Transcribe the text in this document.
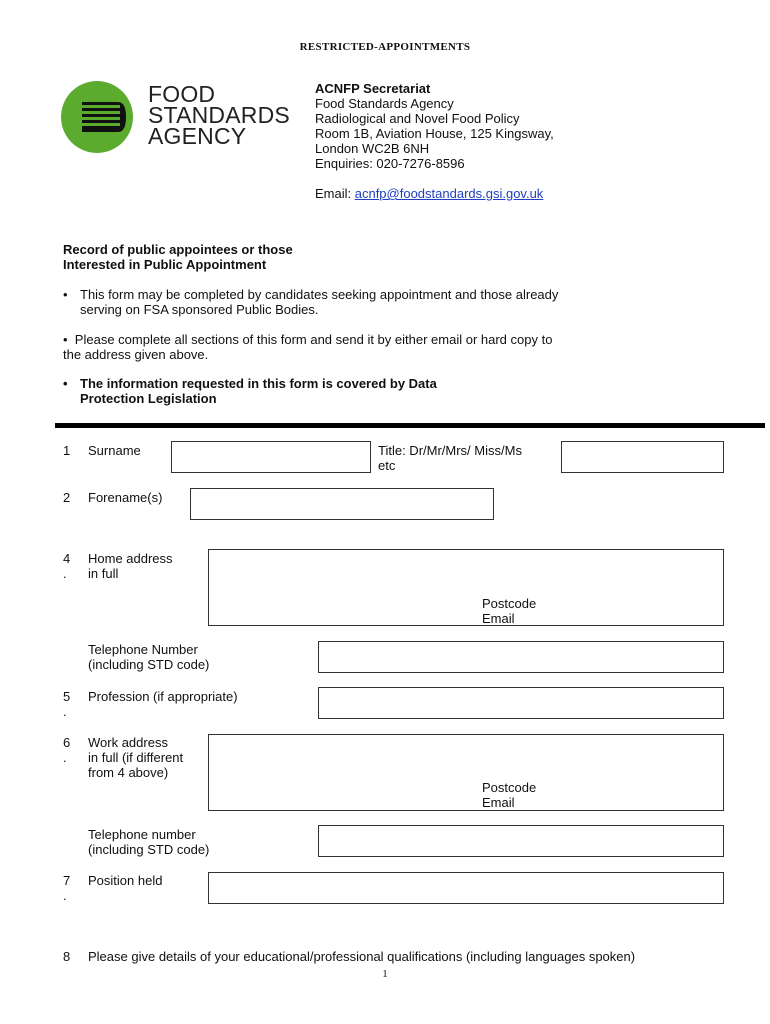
RESTRICTED-APPOINTMENTS
FOOD
STANDARDS
AGENCY
ACNFP Secretariat
Food Standards Agency
Radiological and Novel Food Policy
Room 1B, Aviation House, 125 Kingsway,
London WC2B 6NH
Enquiries: 020-7276-8596
Email: acnfp@foodstandards.gsi.gov.uk
Record of public appointees or those
Interested in Public Appointment
• This form may be completed by candidates seeking appointment and those already
serving on FSA sponsored Public Bodies.
• Please complete all sections of this form and send it by either email or hard copy to
the address given above.
• The information requested in this form is covered by Data
Protection Legislation
1 Surname	Title: Dr/Mr/Mrs/ Miss/Ms
etc
2 Forename(s)
4
.
Home address
in full
Postcode
Email
Telephone Number
(including STD code)
5
.
Profession (if appropriate)
6
.
Work address
in full (if different
from 4 above)
Postcode
Email
Telephone number
(including STD code)
7
.
Position held
8 Please give details of your educational/professional qualifications (including languages spoken)
1
